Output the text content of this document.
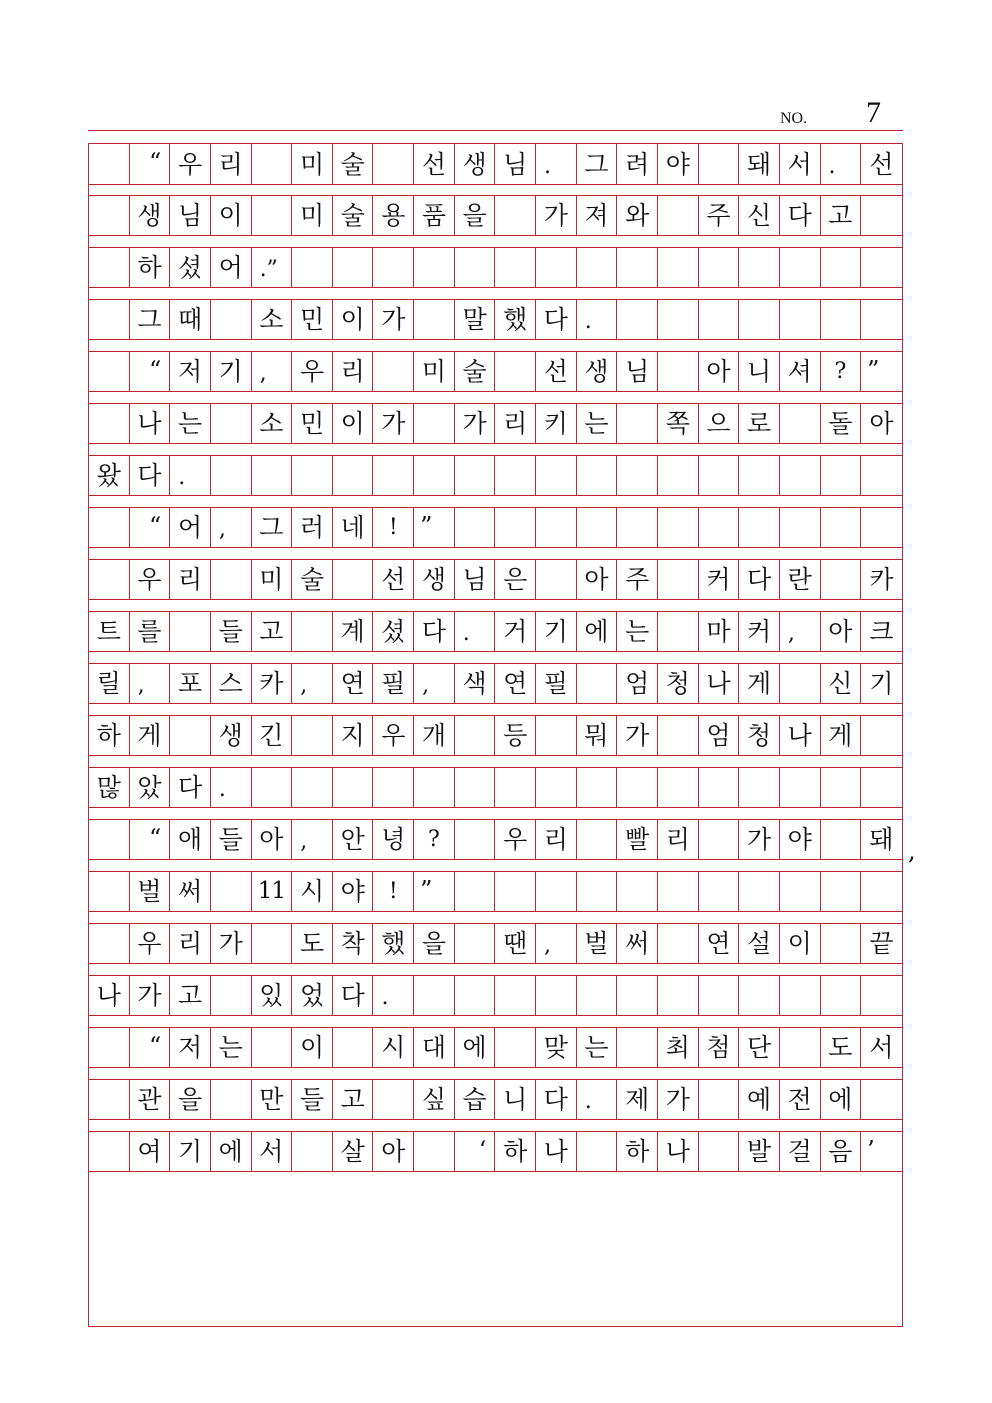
NO. 7
“ 우 리	미 술	선 생 님 .	그 려 야	돼 서 .	선
생 님 이	미 술 용 품 을	가 져 와	주 신 다 고
하 셨 어 .”
그 때	소 민 이 가	말 했 다 .
“ 저 기 ,	우 리	미 술	선 생 님	아 니 셔	? ”
나 는	소 민 이 가	가 리 키 는	쪽 으 로	돌 아
왔 다 .
“ 어 ,	그 러 네	! ”
우 리	미 술	선 생 님 은	아 주	커 다 란	카
트 를	들 고	계 셨 다 .	거 기 에 는	마 커 ,	아 크
릴 ,	포 스 카 ,	연 필 ,	색 연 필	엄 청 나 게	신 기
하 게	생 긴	지 우 개	등	뭐 가	엄 청 나 게
많 았 다 .
“ 애 들 아 ,	안 녕	?	우 리	빨 리	가 야	돼
벌 써	11 시 야	! ”
우 리 가	도 착 했 을	땐 ,	벌 써	연 설 이	끝
나 가 고	있 었 다 .
“ 저 는	이	시 대 에	맞 는	최 첨 단	도 서
관 을	만 들 고	싶 습 니 다 .	제 가	예 전 에
여 기 에 서	살 아	‘ 하 나	하 나	발 걸 음 ’
,
